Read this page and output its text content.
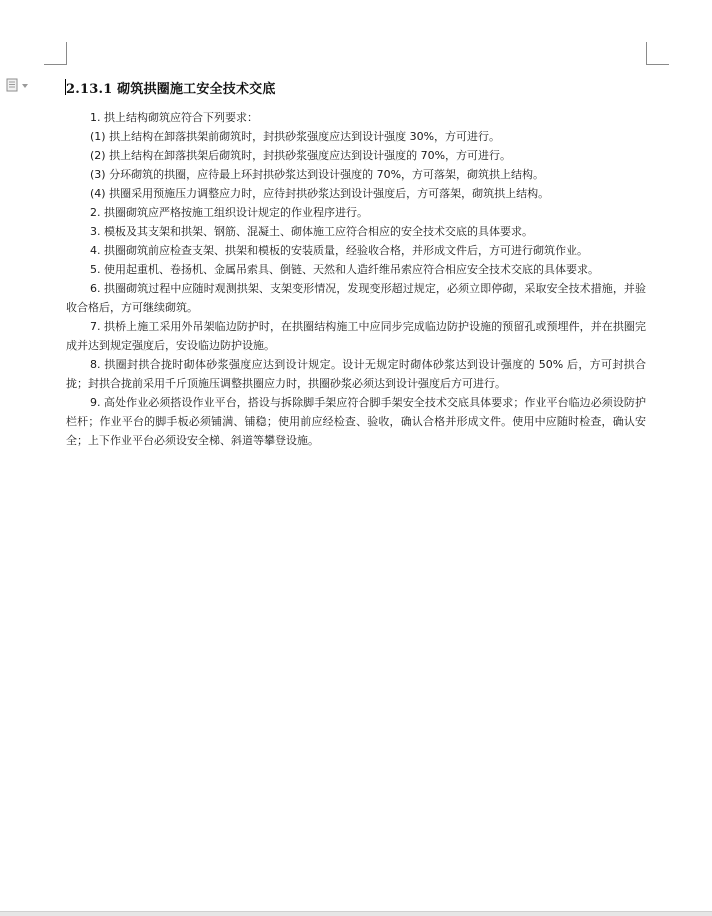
2.13.1 砌筑拱圈施工安全技术交底

1. 拱上结构砌筑应符合下列要求：

(1) 拱上结构在卸落拱架前砌筑时，封拱砂浆强度应达到设计强度 30%，方可进行。

(2) 拱上结构在卸落拱架后砌筑时，封拱砂浆强度应达到设计强度的 70%，方可进行。

(3) 分环砌筑的拱圈，应待最上环封拱砂浆达到设计强度的 70%，方可落架，砌筑拱上结构。

(4) 拱圈采用预施压力调整应力时，应待封拱砂浆达到设计强度后，方可落架，砌筑拱上结构。

2. 拱圈砌筑应严格按施工组织设计规定的作业程序进行。

3. 模板及其支架和拱架、钢筋、混凝土、砌体施工应符合相应的安全技术交底的具体要求。

4. 拱圈砌筑前应检查支架、拱架和模板的安装质量，经验收合格，并形成文件后，方可进行砌筑作业。

5. 使用起重机、卷扬机、金属吊索具、倒链、天然和人造纤维吊索应符合相应安全技术交底的具体要求。

6. 拱圈砌筑过程中应随时观测拱架、支架变形情况，发现变形超过规定，必须立即停砌，采取安全技术措施，并验收合格后，方可继续砌筑。

7. 拱桥上施工采用外吊架临边防护时，在拱圈结构施工中应同步完成临边防护设施的预留孔或预埋件，并在拱圈完成并达到规定强度后，安设临边防护设施。

8. 拱圈封拱合拢时砌体砂浆强度应达到设计规定。设计无规定时砌体砂浆达到设计强度的 50% 后，方可封拱合拢；封拱合拢前采用千斤顶施压调整拱圈应力时，拱圈砂浆必须达到设计强度后方可进行。

9. 高处作业必须搭设作业平台，搭设与拆除脚手架应符合脚手架安全技术交底具体要求；作业平台临边必须设防护栏杆；作业平台的脚手板必须铺满、铺稳；使用前应经检查、验收，确认合格并形成文件。使用中应随时检查，确认安全；上下作业平台必须设安全梯、斜道等攀登设施。
